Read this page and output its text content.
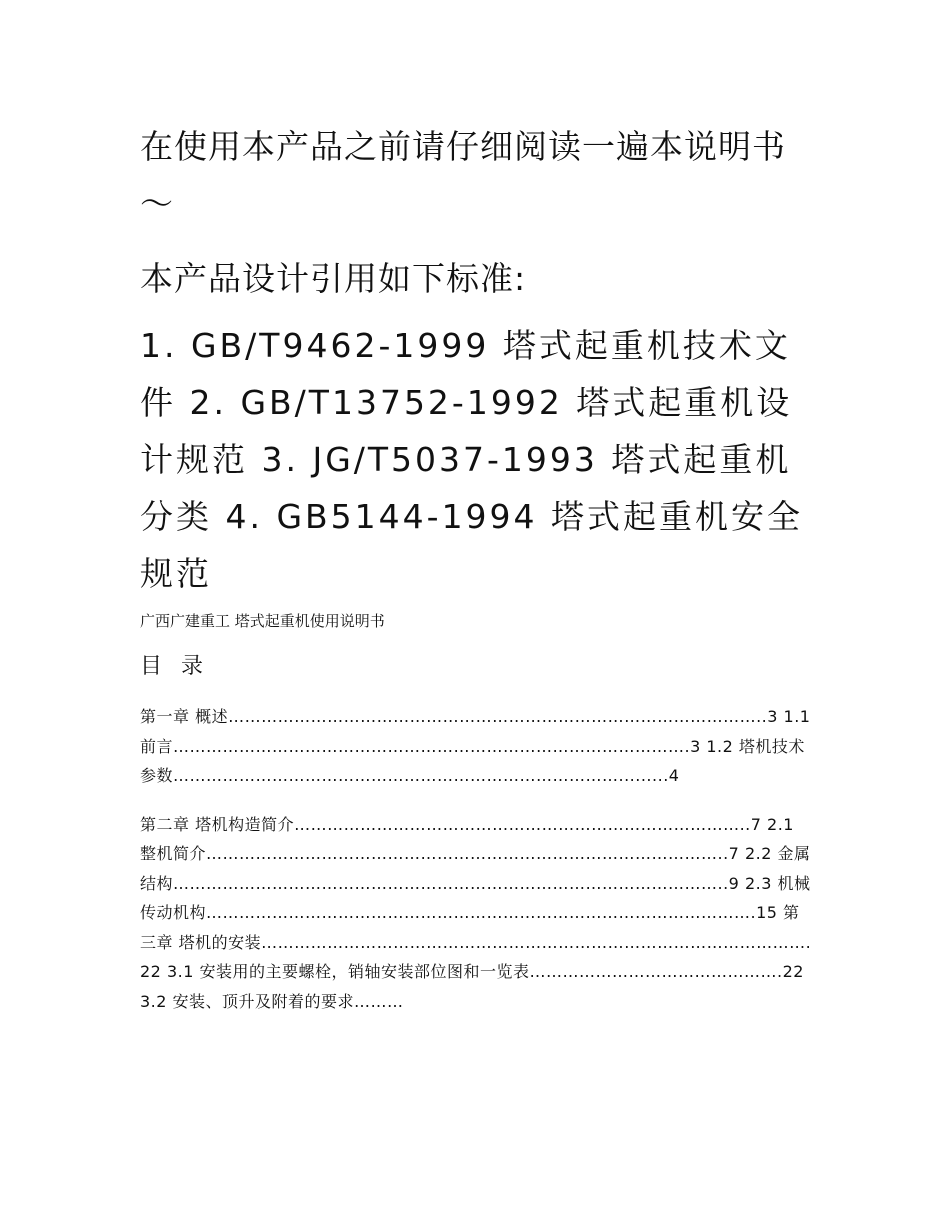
在使用本产品之前请仔细阅读一遍本说明书～
本产品设计引用如下标准:

1. GB/T9462-1999 塔式起重机技术文件 2. GB/T13752-1992 塔式起重机设计规范 3. JG/T5037-1993 塔式起重机分类 4. GB5144-1994 塔式起重机安全规范

广西广建重工 塔式起重机使用说明书
目 录
第一章 概述……………………………………………………………………………………..3 1.1 前言………………………………………………………………………………….3 1.2 塔机技术参数……………………………………………………………………….........4
第二章 塔机构造简介………………………………………………………………………..7 2.1 整机简介…………………………………………………………………………………..7 2.2 金属结构………………………………………………………………………………………..9 2.3 机械传动机构……………………………………………………………………………………….15 第三章 塔机的安装……………………………………………………………………………………….22 3.1 安装用的主要螺栓，销轴安装部位图和一览表……………………………………….22 3.2 安装、顶升及附着的要求………
